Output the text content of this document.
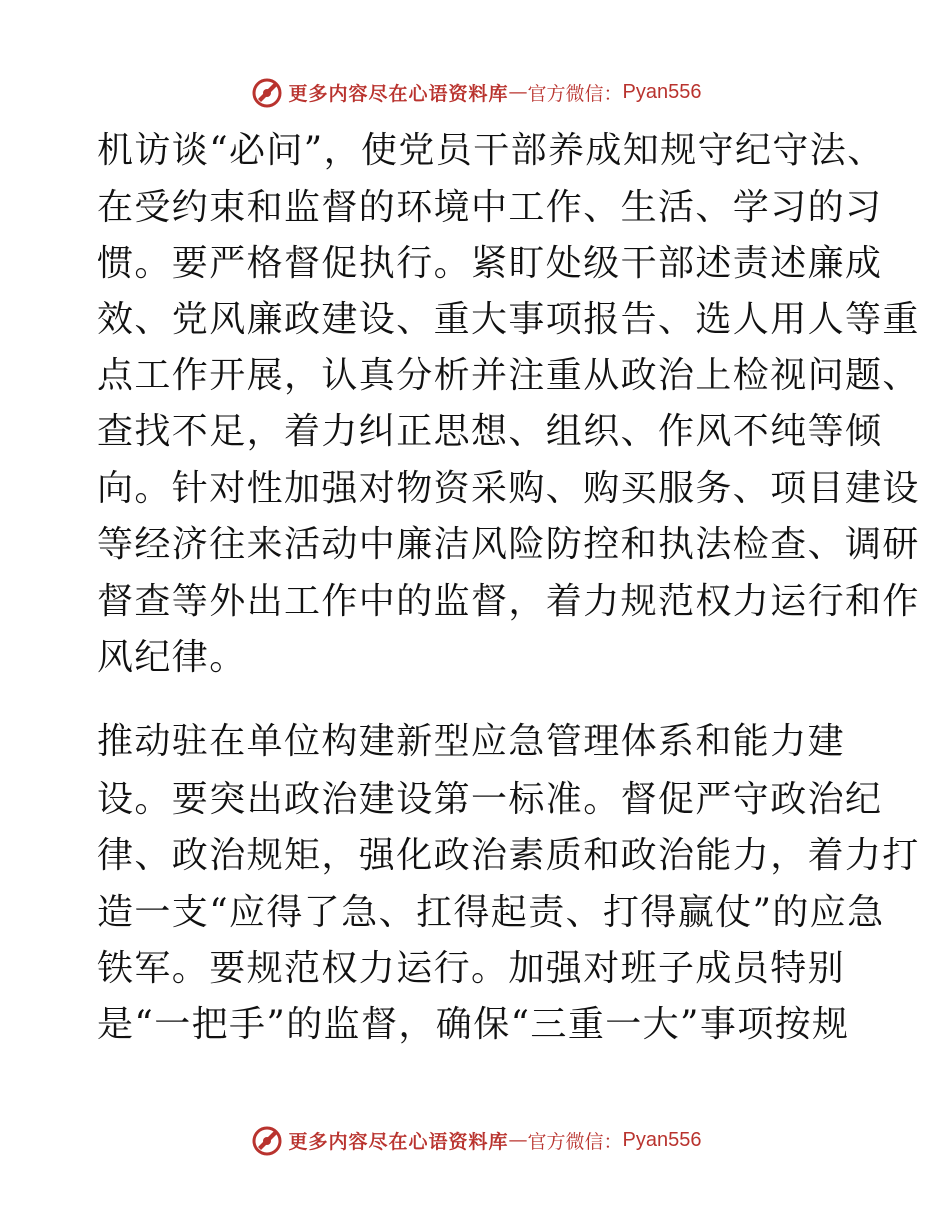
更多内容尽在心语资料库 — 官方微信： Pyan556
机访谈“必问”，使党员干部养成知规守纪守法、
在受约束和监督的环境中工作、生活、学习的习
惯。要严格督促执行。紧盯处级干部述责述廉成
效、党风廉政建设、重大事项报告、选人用人等重
点工作开展，认真分析并注重从政治上检视问题、
查找不足，着力纠正思想、组织、作风不纯等倾
向。针对性加强对物资采购、购买服务、项目建设
等经济往来活动中廉洁风险防控和执法检查、调研
督查等外出工作中的监督，着力规范权力运行和作
风纪律。
推动驻在单位构建新型应急管理体系和能力建
设。要突出政治建设第一标准。督促严守政治纪
律、政治规矩，强化政治素质和政治能力，着力打
造一支“应得了急、扛得起责、打得赢仗”的应急
铁军。要规范权力运行。加强对班子成员特别
是“一把手”的监督，确保“三重一大”事项按规
更多内容尽在心语资料库 — 官方微信： Pyan556
